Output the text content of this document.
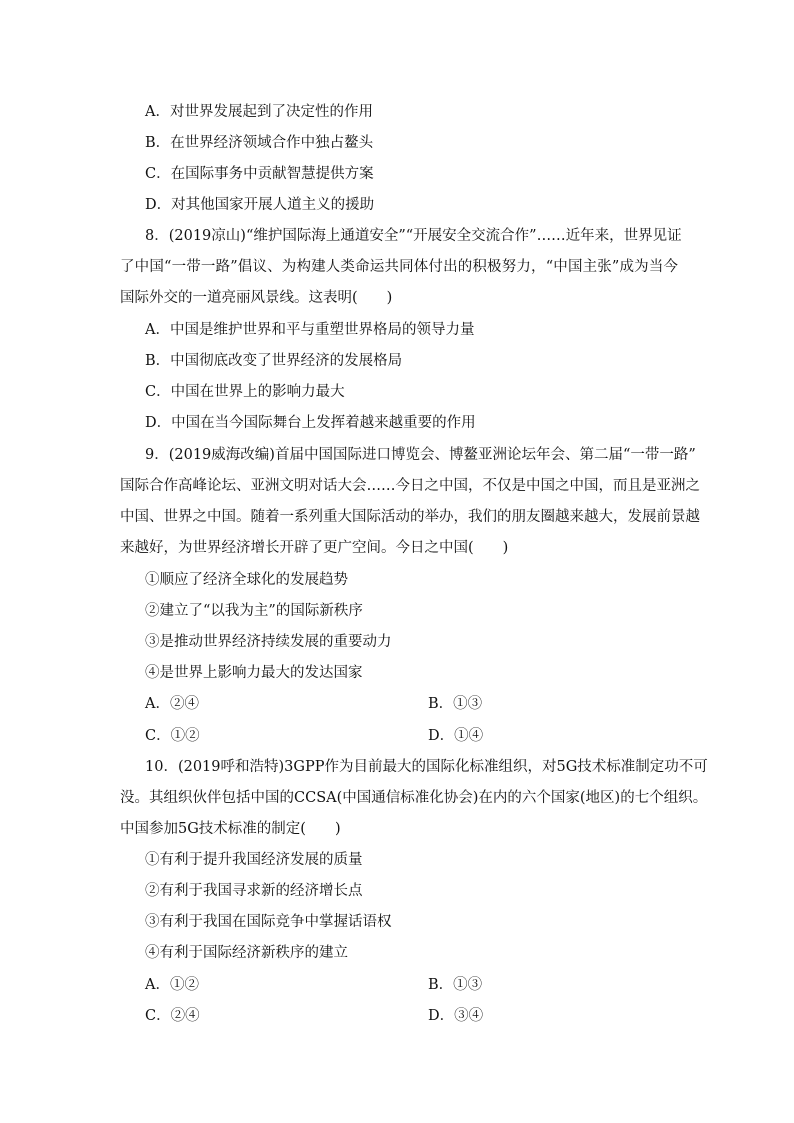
A．对世界发展起到了决定性的作用
B．在世界经济领域合作中独占鳌头
C．在国际事务中贡献智慧提供方案
D．对其他国家开展人道主义的援助
8．(2019凉山)“维护国际海上通道安全”“开展安全交流合作”……近年来，世界见证
了中国“一带一路”倡议、为构建人类命运共同体付出的积极努力，“中国主张”成为当今
国际外交的一道亮丽风景线。这表明(　　)
A．中国是维护世界和平与重塑世界格局的领导力量
B．中国彻底改变了世界经济的发展格局
C．中国在世界上的影响力最大
D．中国在当今国际舞台上发挥着越来越重要的作用
9．(2019威海改编)首届中国国际进口博览会、博鳌亚洲论坛年会、第二届“一带一路”
国际合作高峰论坛、亚洲文明对话大会……今日之中国，不仅是中国之中国，而且是亚洲之
中国、世界之中国。随着一系列重大国际活动的举办，我们的朋友圈越来越大，发展前景越
来越好，为世界经济增长开辟了更广空间。今日之中国(　　)
①顺应了经济全球化的发展趋势
②建立了“以我为主”的国际新秩序
③是推动世界经济持续发展的重要动力
④是世界上影响力最大的发达国家
A．②④	B．①③
C．①②	D．①④
10．(2019呼和浩特)3GPP作为目前最大的国际化标准组织，对5G技术标准制定功不可
没。其组织伙伴包括中国的CCSA(中国通信标准化协会)在内的六个国家(地区)的七个组织。
中国参加5G技术标准的制定(　　)
①有利于提升我国经济发展的质量
②有利于我国寻求新的经济增长点
③有利于我国在国际竞争中掌握话语权
④有利于国际经济新秩序的建立
A．①②	B．①③
C．②④	D．③④
